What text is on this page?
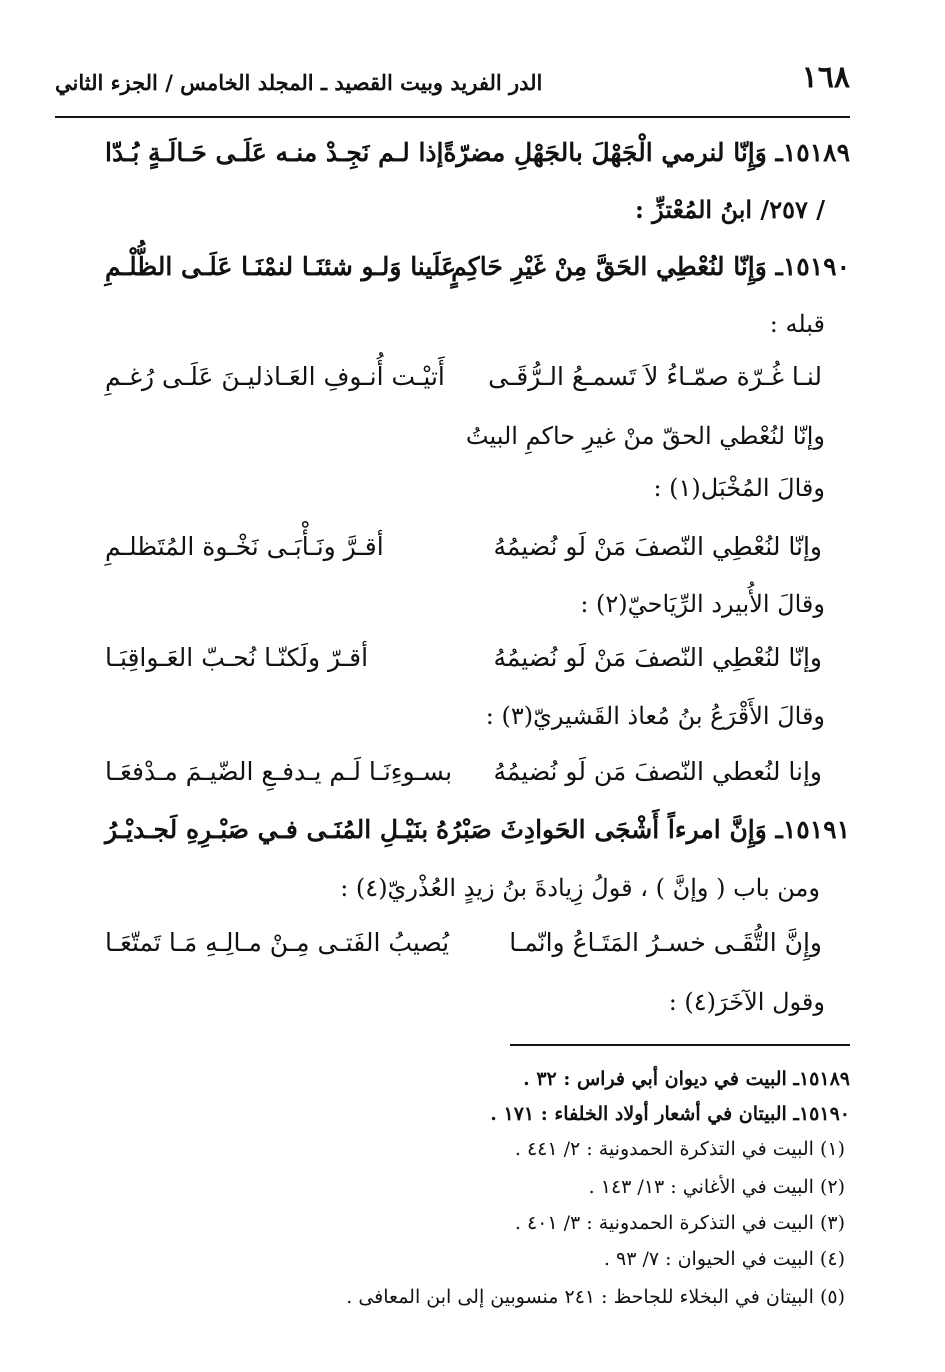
١٦٨
الدر الفريد وبيت القصيد ـ المجلد الخامس / الجزء الثاني
١٥١٨٩ـ وَإِنّا لنرمي الْجَهْلَ بالجَهْلِ مضرّةً
إذا لـم نَجِـدْ منـه عَلَـى حَـالَـةٍ بُـدّا
/ ٢٥٧/ ابنُ المُعْتزِّ :
١٥١٩٠ـ وَإِنّا لنُعْطِي الحَقَّ مِنْ غَيْرِ حَاكِمٍ
عَلَينا وَلـو شئنَـا لنمْنَـا عَلَـى الظُّلْـمِ
قبله :
لنـا غُـرّة صمّـاءُ لاَ تَسمـعُ الـرُّقَـى
أَتيْـت أُنـوفِ العَـاذليـنَ عَلَـى رُغـمِ
وإنّا لنُعْطي الحقّ منْ غيرِ حاكمِ البيتُ
وقالَ المُخْبَل(١) :
وإنّا لنُعْطِي النّصفَ مَنْ لَو نُضيمُهُ
أقـرَّ ونَـأْبَـى نَخْـوة المُتَظلـمِ
وقالَ الأُبيرد الرِّيَاحيّ(٢) :
وإنّا لنُعْطِي النّصفَ مَنْ لَو نُضيمُهُ
أقـرّ ولَكنّـا نُحـبّ العَـواقِبَـا
وقالَ الأَقْرَعُ بنُ مُعاذ القَشيريّ(٣) :
وإنا لنُعطي النّصفَ مَن لَو نُضيمُهُ
بسـوءِنَـا لَـم يـدفـعِ الضّيـمَ مـدْفعَـا
١٥١٩١ـ وَإِنَّ امرءاً أَشْجَى الحَوادِثَ صَبْرُهُ
بنَيْـلِ المُنَـى فـي صَبْـرِهِ لَجـديْـرُ
ومن باب ( وإنَّ ) ، قولُ زِيادةَ بنُ زيدٍ العُذْريّ(٤) :
وإِنَّ التُّقَـى خسـرُ المَتَـاعُ وانّمـا
يُصيبُ الفَتـى مِـنْ مـالِـهِ مَـا تَمتّعَـا
وقول الآخَرَ(٤) :
١٥١٨٩ـ البيت في ديوان أبي فراس : ٣٢ .
١٥١٩٠ـ البيتان في أشعار أولاد الخلفاء : ١٧١ .
(١) البيت في التذكرة الحمدونية : ٢/ ٤٤١ .
(٢) البيت في الأغاني : ١٣/ ١٤٣ .
(٣) البيت في التذكرة الحمدونية : ٣/ ٤٠١ .
(٤) البيت في الحيوان : ٧/ ٩٣ .
(٥) البيتان في البخلاء للجاحظ : ٢٤١ منسوبين إلى ابن المعافى .
